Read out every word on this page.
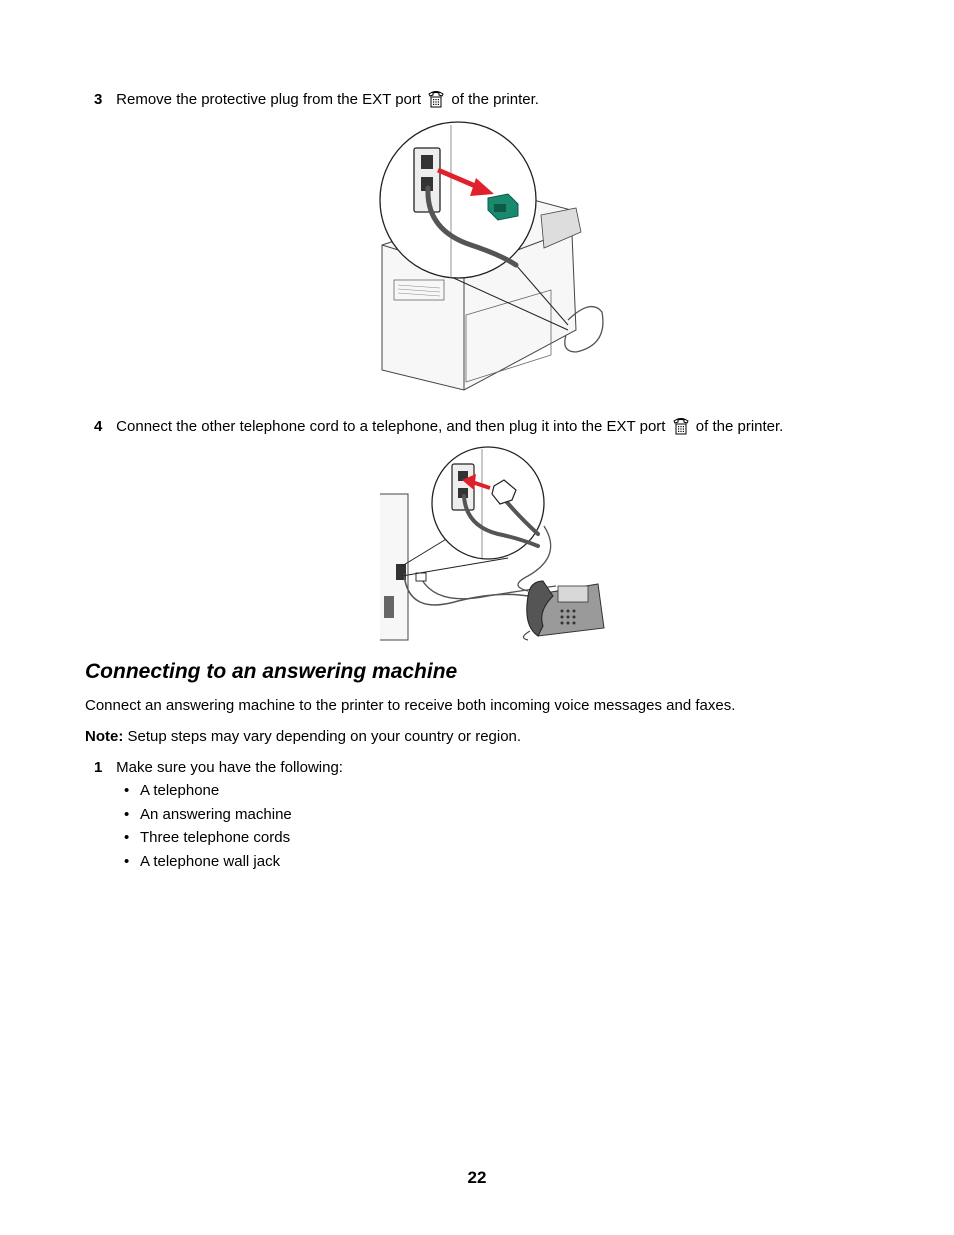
3 Remove the protective plug from the EXT port of the printer.
4 Connect the other telephone cord to a telephone, and then plug it into the EXT port of the printer.
Connecting to an answering machine
Connect an answering machine to the printer to receive both incoming voice messages and faxes.
Note: Setup steps may vary depending on your country or region.
1 Make sure you have the following:
• A telephone
• An answering machine
• Three telephone cords
• A telephone wall jack
22
